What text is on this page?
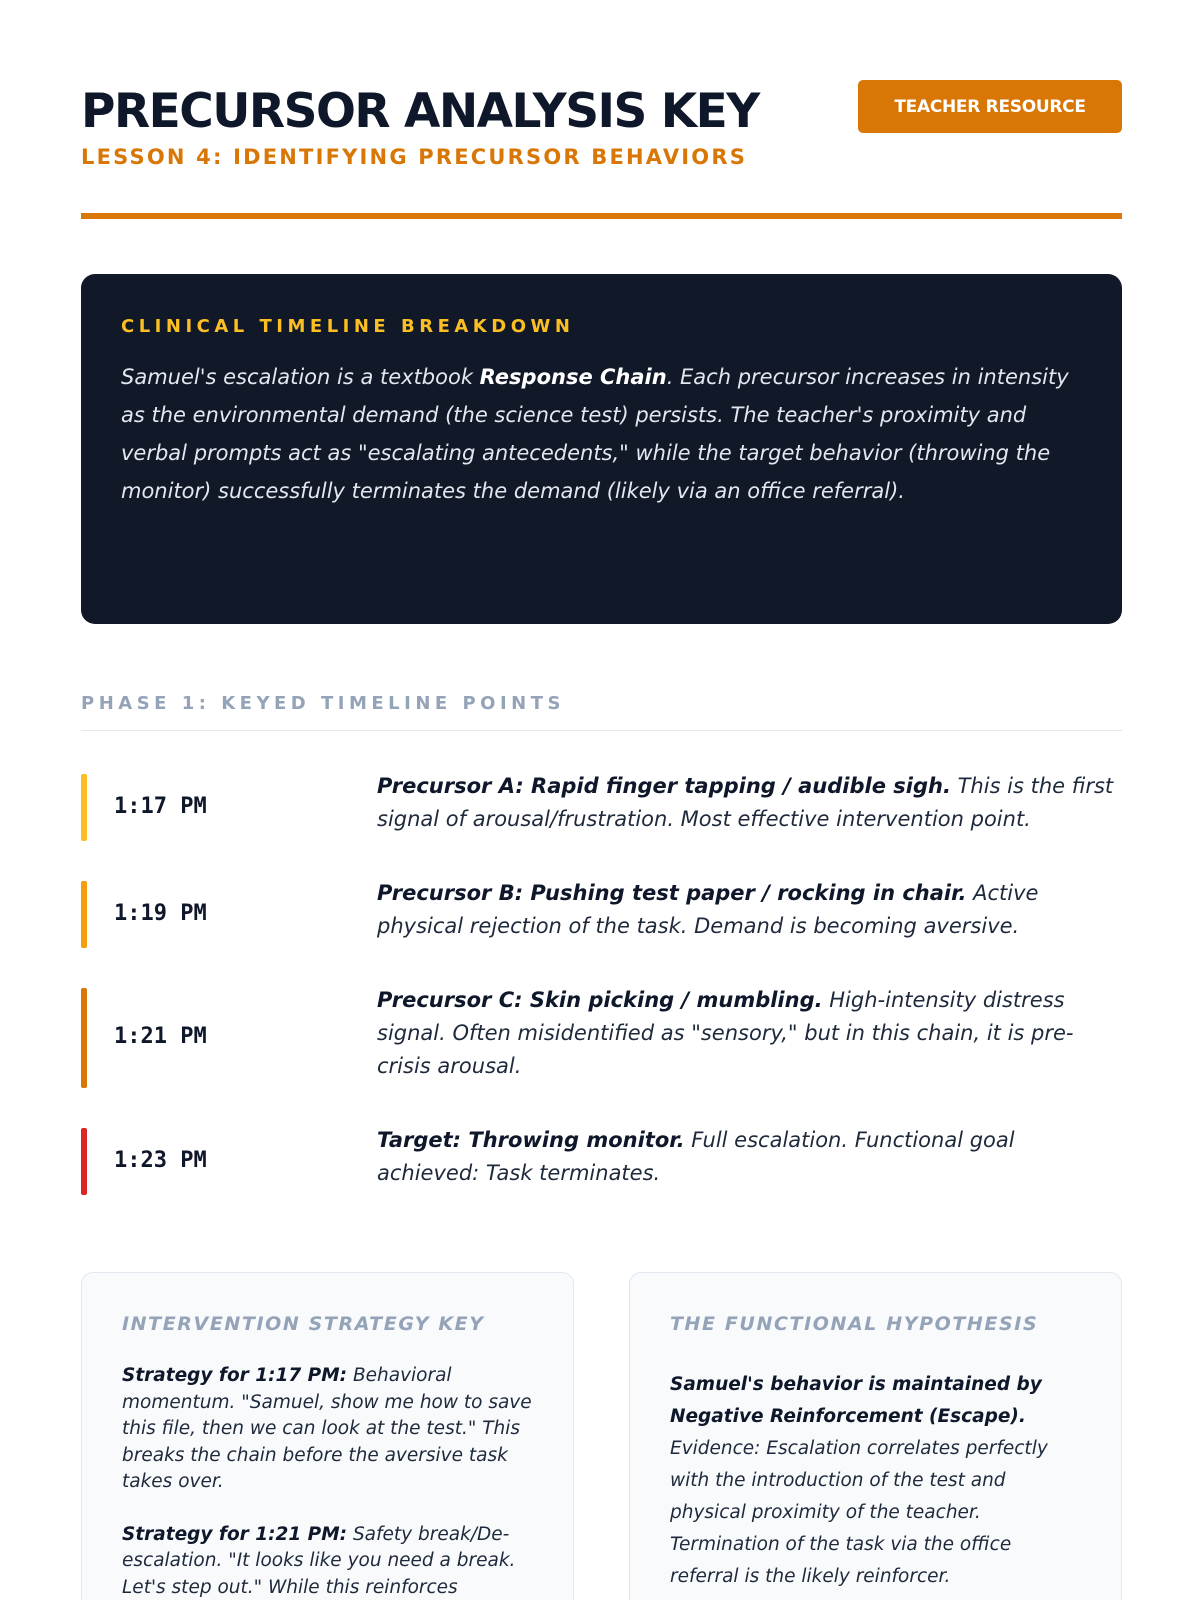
PRECURSOR ANALYSIS KEY
LESSON 4: IDENTIFYING PRECURSOR BEHAVIORS
TEACHER RESOURCE
CLINICAL TIMELINE BREAKDOWN
Samuel's escalation is a textbook Response Chain. Each precursor increases in intensity as the environmental demand (the science test) persists. The teacher's proximity and verbal prompts act as "escalating antecedents," while the target behavior (throwing the monitor) successfully terminates the demand (likely via an office referral).
PHASE 1: KEYED TIMELINE POINTS
1:17 PM
Precursor A: Rapid finger tapping / audible sigh. This is the first signal of arousal/frustration. Most effective intervention point.
1:19 PM
Precursor B: Pushing test paper / rocking in chair. Active physical rejection of the task. Demand is becoming aversive.
1:21 PM
Precursor C: Skin picking / mumbling. High-intensity distress signal. Often misidentified as "sensory," but in this chain, it is pre-crisis arousal.
1:23 PM
Target: Throwing monitor. Full escalation. Functional goal achieved: Task terminates.
INTERVENTION STRATEGY KEY

Strategy for 1:17 PM: Behavioral momentum. "Samuel, show me how to save this file, then we can look at the test." This breaks the chain before the aversive task takes over.

Strategy for 1:21 PM: Safety break/De-escalation. "It looks like you need a break. Let's step out." While this reinforces

THE FUNCTIONAL HYPOTHESIS
Samuel's behavior is maintained by Negative Reinforcement (Escape). Evidence: Escalation correlates perfectly with the introduction of the test and physical proximity of the teacher. Termination of the task via the office referral is the likely reinforcer.
